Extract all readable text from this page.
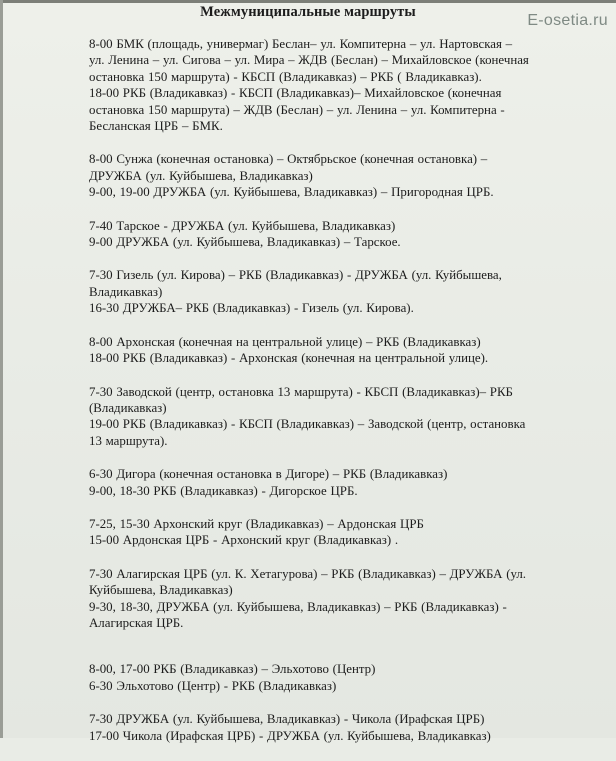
Межмуниципальные маршруты	E-osetia.ru
8-00 БМК (площадь, универмаг) Беслан– ул. Компитерна – ул. Нартовская –
ул. Ленина – ул. Сигова – ул. Мира – ЖДВ (Беслан) – Михайловское (конечная
остановка 150 маршрута) - КБСП (Владикавказ) – РКБ ( Владикавказ).
18-00 РКБ (Владикавказ) - КБСП (Владикавказ)– Михайловское (конечная
остановка 150 маршрута) – ЖДВ (Беслан) – ул. Ленина – ул. Компитерна -
Бесланская ЦРБ – БМК.
8-00 Сунжа (конечная остановка) – Октябрьское (конечная остановка) –
ДРУЖБА (ул. Куйбышева, Владикавказ)
9-00, 19-00 ДРУЖБА (ул. Куйбышева, Владикавказ) – Пригородная ЦРБ.
7-40 Тарское - ДРУЖБА (ул. Куйбышева, Владикавказ)
9-00 ДРУЖБА (ул. Куйбышева, Владикавказ) – Тарское.
7-30 Гизель (ул. Кирова) – РКБ (Владикавказ) - ДРУЖБА (ул. Куйбышева,
Владикавказ)
16-30 ДРУЖБА– РКБ (Владикавказ) - Гизель (ул. Кирова).
8-00 Архонская (конечная на центральной улице) – РКБ (Владикавказ)
18-00 РКБ (Владикавказ) - Архонская (конечная на центральной улице).
7-30 Заводской (центр, остановка 13 маршрута) - КБСП (Владикавказ)– РКБ
(Владикавказ)
19-00 РКБ (Владикавказ) - КБСП (Владикавказ) – Заводской (центр, остановка
13 маршрута).
6-30 Дигора (конечная остановка в Дигоре) – РКБ (Владикавказ)
9-00, 18-30 РКБ (Владикавказ) - Дигорское ЦРБ.
7-25, 15-30 Архонский круг (Владикавказ) – Ардонская ЦРБ
15-00 Ардонская ЦРБ - Архонский круг (Владикавказ) .
7-30 Алагирская ЦРБ (ул. К. Хетагурова) – РКБ (Владикавказ) – ДРУЖБА (ул.
Куйбышева, Владикавказ)
9-30, 18-30, ДРУЖБА (ул. Куйбышева, Владикавказ) – РКБ (Владикавказ) -
Алагирская ЦРБ.
8-00, 17-00 РКБ (Владикавказ) – Эльхотово (Центр)
6-30 Эльхотово (Центр) - РКБ (Владикавказ)
7-30 ДРУЖБА (ул. Куйбышева, Владикавказ) - Чикола (Ирафская ЦРБ)
17-00 Чикола (Ирафская ЦРБ) - ДРУЖБА (ул. Куйбышева, Владикавказ)
